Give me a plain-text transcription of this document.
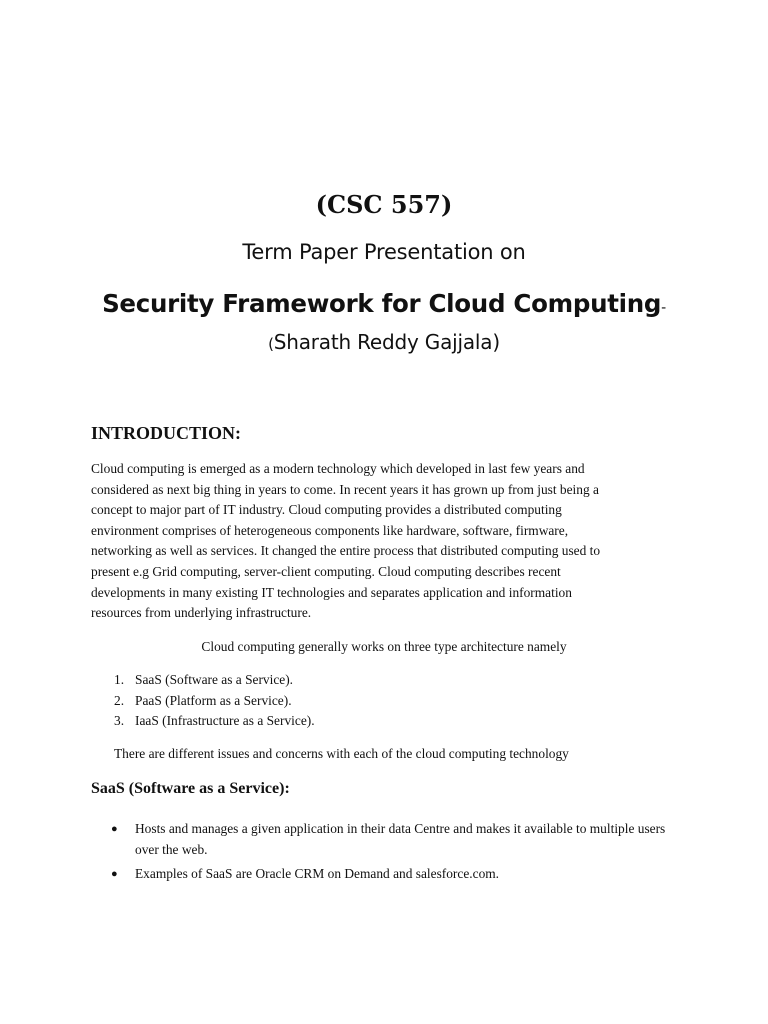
(CSC 557)
Term Paper Presentation on
Security Framework for Cloud Computing-
(Sharath Reddy Gajjala)
INTRODUCTION:
Cloud computing is emerged as a modern technology which developed in last few years and
considered as next big thing in years to come. In recent years it has grown up from just being a
concept to major part of IT industry. Cloud computing provides a distributed computing
environment comprises of heterogeneous components like hardware, software, firmware,
networking as well as services. It changed the entire process that distributed computing used to
present e.g Grid computing, server-client computing. Cloud computing describes recent
developments in many existing IT technologies and separates application and information
resources from underlying infrastructure.
Cloud computing generally works on three type architecture namely
1. SaaS (Software as a Service).
2. PaaS (Platform as a Service).
3. IaaS (Infrastructure as a Service).
There are different issues and concerns with each of the cloud computing technology
SaaS (Software as a Service):
● Hosts and manages a given application in their data Centre and makes it available to multiple users over the web.
● Examples of SaaS are Oracle CRM on Demand and salesforce.com.
